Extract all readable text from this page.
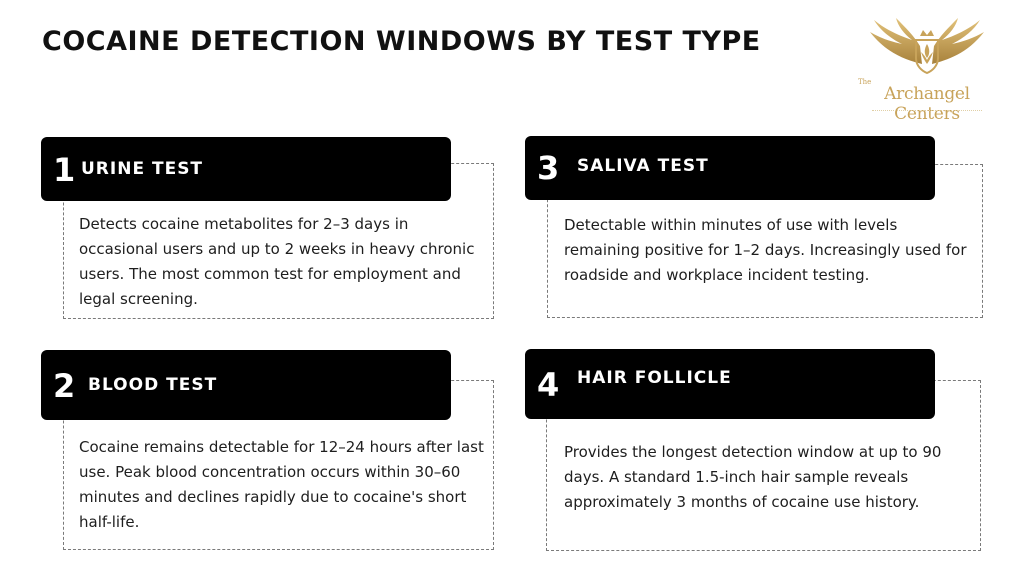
COCAINE DETECTION WINDOWS BY TEST TYPE
The
Archangel Centers

Detects cocaine metabolites for 2–3 days in occasional users and up to 2 weeks in heavy chronic users. The most common test for employment and legal screening.

1 URINE TEST

Cocaine remains detectable for 12–24 hours after last use. Peak blood concentration occurs within 30–60 minutes and declines rapidly due to cocaine's short half-life.

2 BLOOD TEST

Detectable within minutes of use with levels remaining positive for 1–2 days. Increasingly used for roadside and workplace incident testing.

3 SALIVA TEST

Provides the longest detection window at up to 90 days. A standard 1.5-inch hair sample reveals approximately 3 months of cocaine use history.

4 HAIR FOLLICLE
